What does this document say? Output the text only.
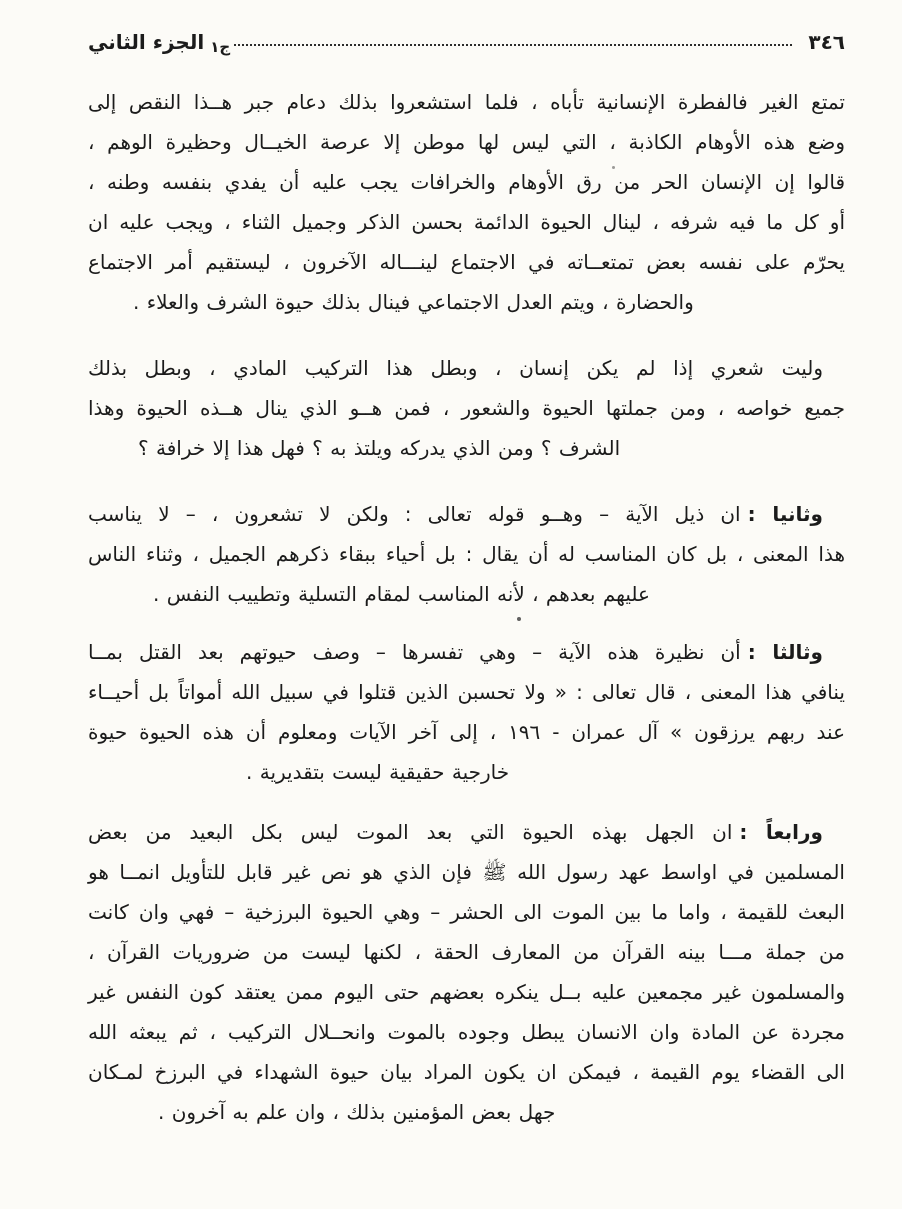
٣٤٦
ج١
الجزء الثاني
تمتع الغير فالفطرة الإنسانية تأباه ، فلما استشعروا بذلك دعام جبر هــذا النقص إلى
وضع هذه الأوهام الكاذبة ، التي ليس لها موطن إلا عرصة الخيــال وحظيرة الوهم ،
قالوا إن الإنسان الحر من رق الأوهام والخرافات يجب عليه أن يفدي بنفسه وطنه ،
أو كل ما فيه شرفه ، لينال الحيوة الدائمة بحسن الذكر وجميل الثناء ، ويجب عليه ان
يحرّم على نفسه بعض تمتعــاته في الاجتماع لينـــاله الآخرون ، ليستقيم أمر الاجتماع
والحضارة ، ويتم العدل الاجتماعي فينال بذلك حيوة الشرف والعلاء .
وليت شعري إذا لم يكن إنسان ، وبطل هذا التركيب المادي ، وبطل بذلك
جميع خواصه ، ومن جملتها الحيوة والشعور ، فمن هــو الذي ينال هــذه الحيوة وهذا
الشرف ؟ ومن الذي يدركه ويلتذ به ؟ فهل هذا إلا خرافة ؟
وثانيا :ان ذيل الآية – وهــو قوله تعالى : ولكن لا تشعرون ، – لا يناسب
هذا المعنى ، بل كان المناسب له أن يقال : بل أحياء ببقاء ذكرهم الجميل ، وثناء الناس
عليهم بعدهم ، لأنه المناسب لمقام التسلية وتطييب النفس .
وثالثا :أن نظيرة هذه الآية – وهي تفسرها – وصف حيوتهم بعد القتل بمــا
ينافي هذا المعنى ، قال تعالى : « ولا تحسبن الذين قتلوا في سبيل الله أمواتاً بل أحيــاء
عند ربهم يرزقون » آل عمران - ١٩٦ ، إلى آخر الآيات ومعلوم أن هذه الحيوة حيوة
خارجية حقيقية ليست بتقديرية .
ورابعاً :ان الجهل بهذه الحيوة التي بعد الموت ليس بكل البعيد من بعض
المسلمين في اواسط عهد رسول الله ﷺ فإن الذي هو نص غير قابل للتأويل انمــا هو
البعث للقيمة ، واما ما بين الموت الى الحشر – وهي الحيوة البرزخية – فهي وان كانت
من جملة مـــا بينه القرآن من المعارف الحقة ، لكنها ليست من ضروريات القرآن ،
والمسلمون غير مجمعين عليه بــل ينكره بعضهم حتى اليوم ممن يعتقد كون النفس غير
مجردة عن المادة وان الانسان يبطل وجوده بالموت وانحــلال التركيب ، ثم يبعثه الله
الى القضاء يوم القيمة ، فيمكن ان يكون المراد بيان حيوة الشهداء في البرزخ لمـكان
جهل بعض المؤمنين بذلك ، وان علم به آخرون .
